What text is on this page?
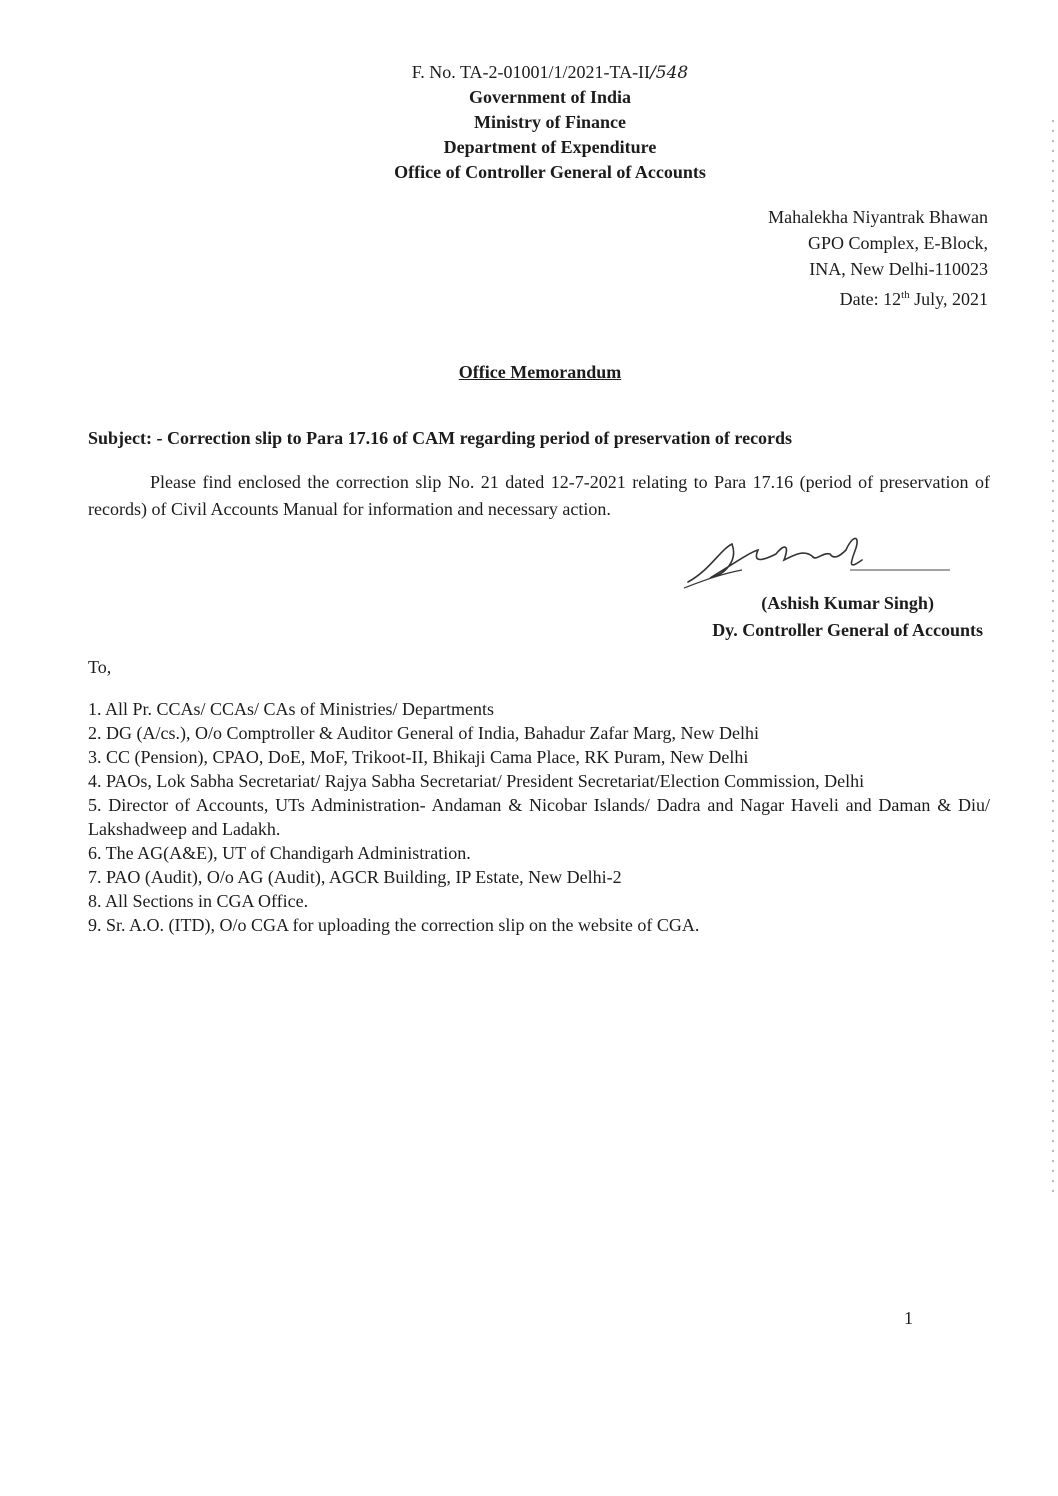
F. No. TA-2-01001/1/2021-TA-II/548
Government of India
Ministry of Finance
Department of Expenditure
Office of Controller General of Accounts
Mahalekha Niyantrak Bhawan
GPO Complex, E-Block,
INA, New Delhi-110023
Date: 12th July, 2021
Office Memorandum
Subject: - Correction slip to Para 17.16 of CAM regarding period of preservation of records
Please find enclosed the correction slip No. 21 dated 12-7-2021 relating to Para 17.16 (period of preservation of records) of Civil Accounts Manual for information and necessary action.
(Ashish Kumar Singh)
Dy. Controller General of Accounts
To,
1. All Pr. CCAs/ CCAs/ CAs of Ministries/ Departments
2. DG (A/cs.), O/o Comptroller & Auditor General of India, Bahadur Zafar Marg, New Delhi
3. CC (Pension), CPAO, DoE, MoF, Trikoot-II, Bhikaji Cama Place, RK Puram, New Delhi
4. PAOs, Lok Sabha Secretariat/ Rajya Sabha Secretariat/ President Secretariat/Election Commission, Delhi
5. Director of Accounts, UTs Administration- Andaman & Nicobar Islands/ Dadra and Nagar Haveli and Daman & Diu/ Lakshadweep and Ladakh.
6. The AG(A&E), UT of Chandigarh Administration.
7. PAO (Audit), O/o AG (Audit), AGCR Building, IP Estate, New Delhi-2
8. All Sections in CGA Office.
9. Sr. A.O. (ITD), O/o CGA for uploading the correction slip on the website of CGA.
1
